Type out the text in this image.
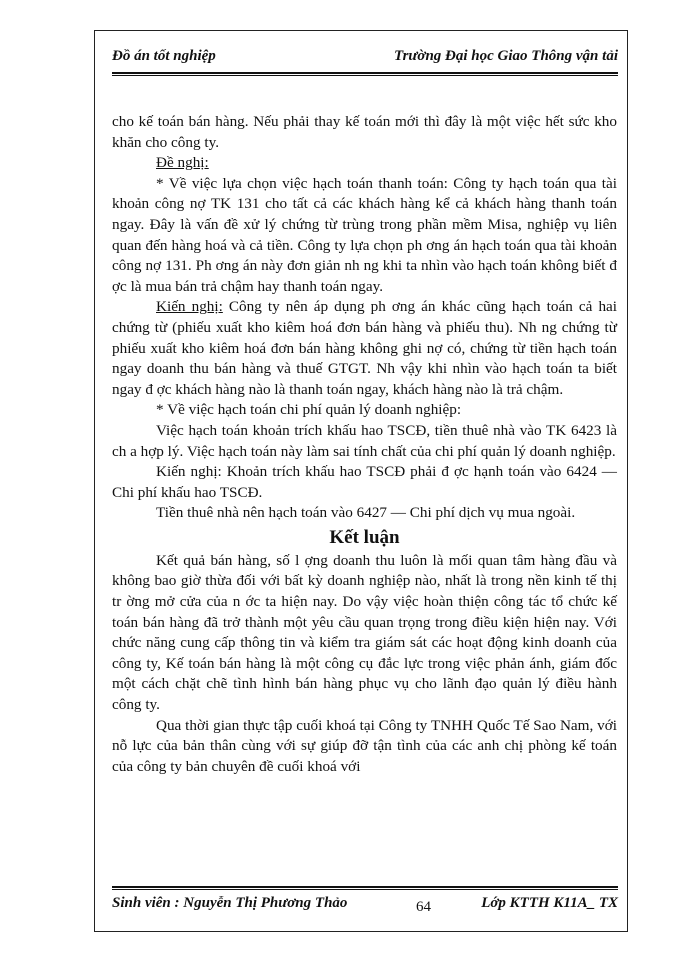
Đồ án tốt nghiệp	Trường Đại học Giao Thông vận tải

cho kế toán bán hàng. Nếu phải thay kế toán mới thì đây là một việc hết sức kho khăn cho công ty.

Đề nghị:

* Về việc lựa chọn việc hạch toán thanh toán: Công ty hạch toán qua tài khoản công nợ TK 131 cho tất cả các khách hàng kể cả khách hàng thanh toán ngay. Đây là vấn đề xử lý chứng từ trùng trong phần mềm Misa, nghiệp vụ liên quan đến hàng hoá và cả tiền. Công ty lựa chọn ph ơng án hạch toán qua tài khoản công nợ 131. Ph ơng án này đơn giản nh ng khi ta nhìn vào hạch toán không biết đ ợc là mua bán trả chậm hay thanh toán ngay.

Kiến nghị: Công ty nên áp dụng ph ơng án khác cũng hạch toán cả hai chứng từ (phiếu xuất kho kiêm hoá đơn bán hàng và phiếu thu). Nh ng chứng từ phiếu xuất kho kiêm hoá đơn bán hàng không ghi nợ có, chứng từ tiền hạch toán ngay doanh thu bán hàng và thuế GTGT. Nh vậy khi nhìn vào hạch toán ta biết ngay đ ợc khách hàng nào là thanh toán ngay, khách hàng nào là trả chậm.

* Về việc hạch toán chi phí quản lý doanh nghiệp:

Việc hạch toán khoản trích khấu hao TSCĐ, tiền thuê nhà vào TK 6423 là ch a hợp lý. Việc hạch toán này làm sai tính chất của chi phí quản lý doanh nghiệp.

Kiến nghị: Khoản trích khấu hao TSCĐ phải đ ợc hạnh toán vào 6424 — Chi phí khấu hao TSCĐ.

Tiền thuê nhà nên hạch toán vào 6427 — Chi phí dịch vụ mua ngoài.

Kết luận

Kết quả bán hàng, số l ợng doanh thu luôn là mối quan tâm hàng đầu và không bao giờ thừa đối với bất kỳ doanh nghiệp nào, nhất là trong nền kinh tế thị tr ờng mở cửa của n ớc ta hiện nay. Do vậy việc hoàn thiện công tác tổ chức kế toán bán hàng đã trở thành một yêu cầu quan trọng trong điều kiện hiện nay. Với chức năng cung cấp thông tin và kiểm tra giám sát các hoạt động kinh doanh của công ty, Kế toán bán hàng là một công cụ đắc lực trong việc phản ánh, giám đốc một cách chặt chẽ tình hình bán hàng phục vụ cho lãnh đạo quản lý điều hành công ty.

Qua thời gian thực tập cuối khoá tại Công ty TNHH Quốc Tế Sao Nam, với nỗ lực của bản thân cùng với sự giúp đỡ tận tình của các anh chị phòng kế toán của công ty bản chuyên đề cuối khoá với

Sinh viên : Nguyễn Thị Phương Thảo	64	Lớp KTTH K11A_ TX
